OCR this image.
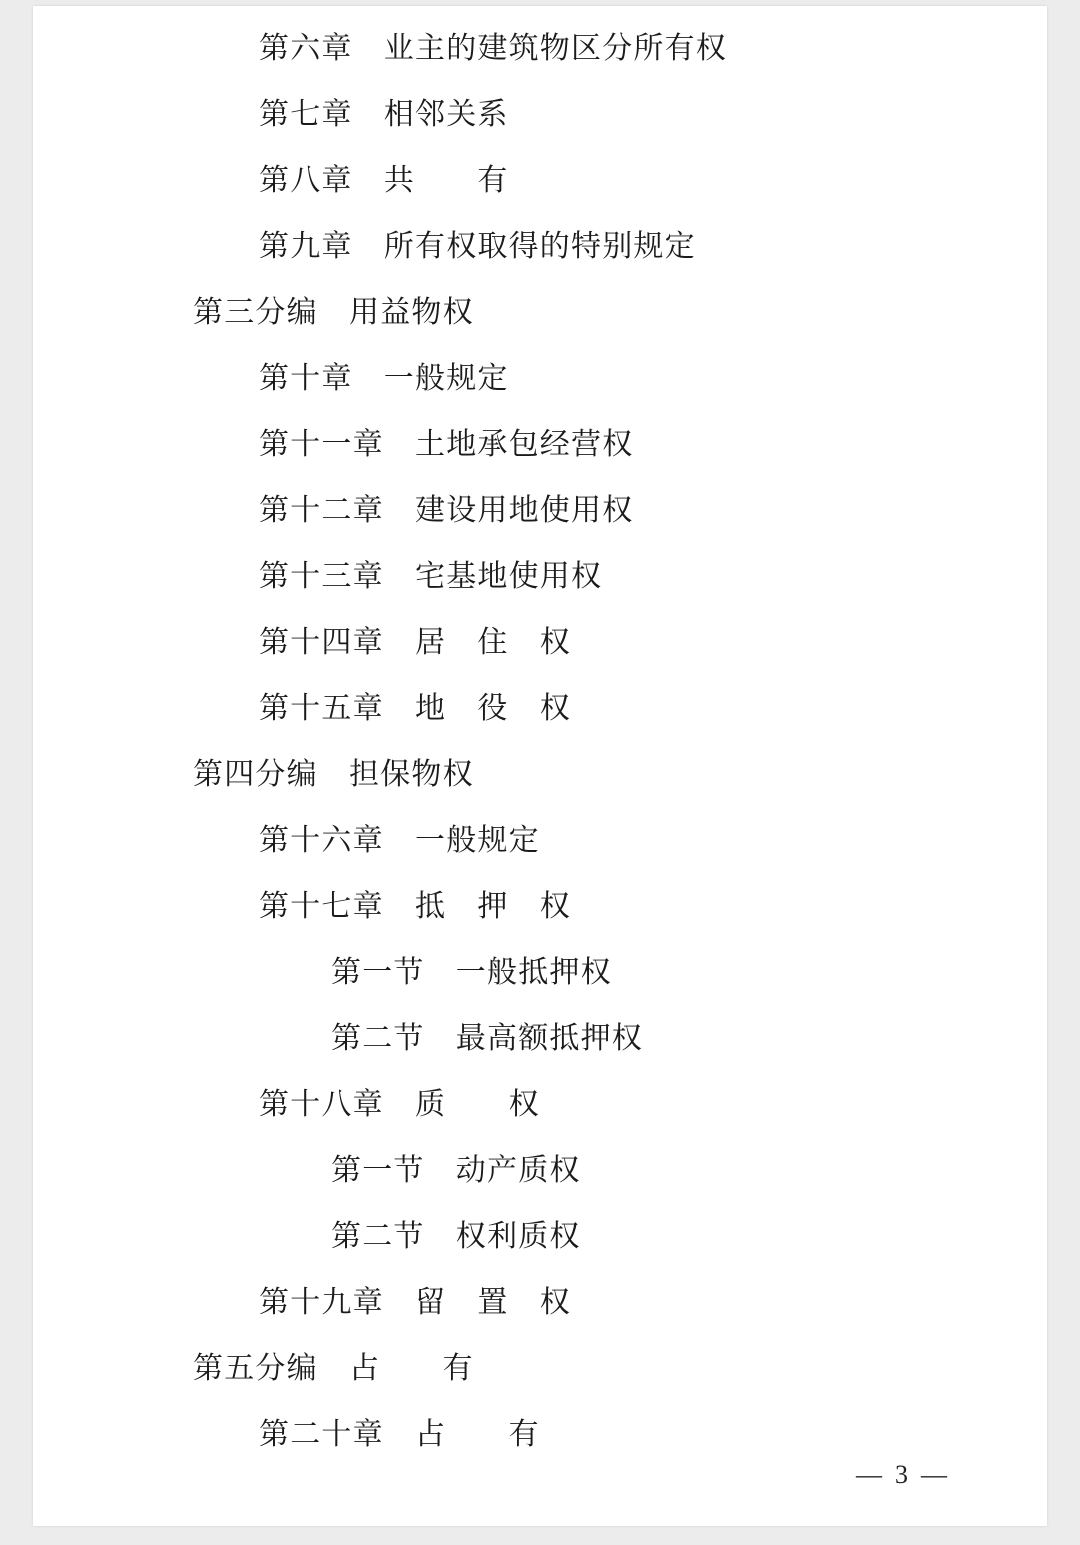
第六章　业主的建筑物区分所有权
第七章　相邻关系
第八章　共　　有
第九章　所有权取得的特别规定
第三分编　用益物权
第十章　一般规定
第十一章　土地承包经营权
第十二章　建设用地使用权
第十三章　宅基地使用权
第十四章　居　住　权
第十五章　地　役　权
第四分编　担保物权
第十六章　一般规定
第十七章　抵　押　权
第一节　一般抵押权
第二节　最高额抵押权
第十八章　质　　权
第一节　动产质权
第二节　权利质权
第十九章　留　置　权
第五分编　占　　有
第二十章　占　　有
—  3  —
